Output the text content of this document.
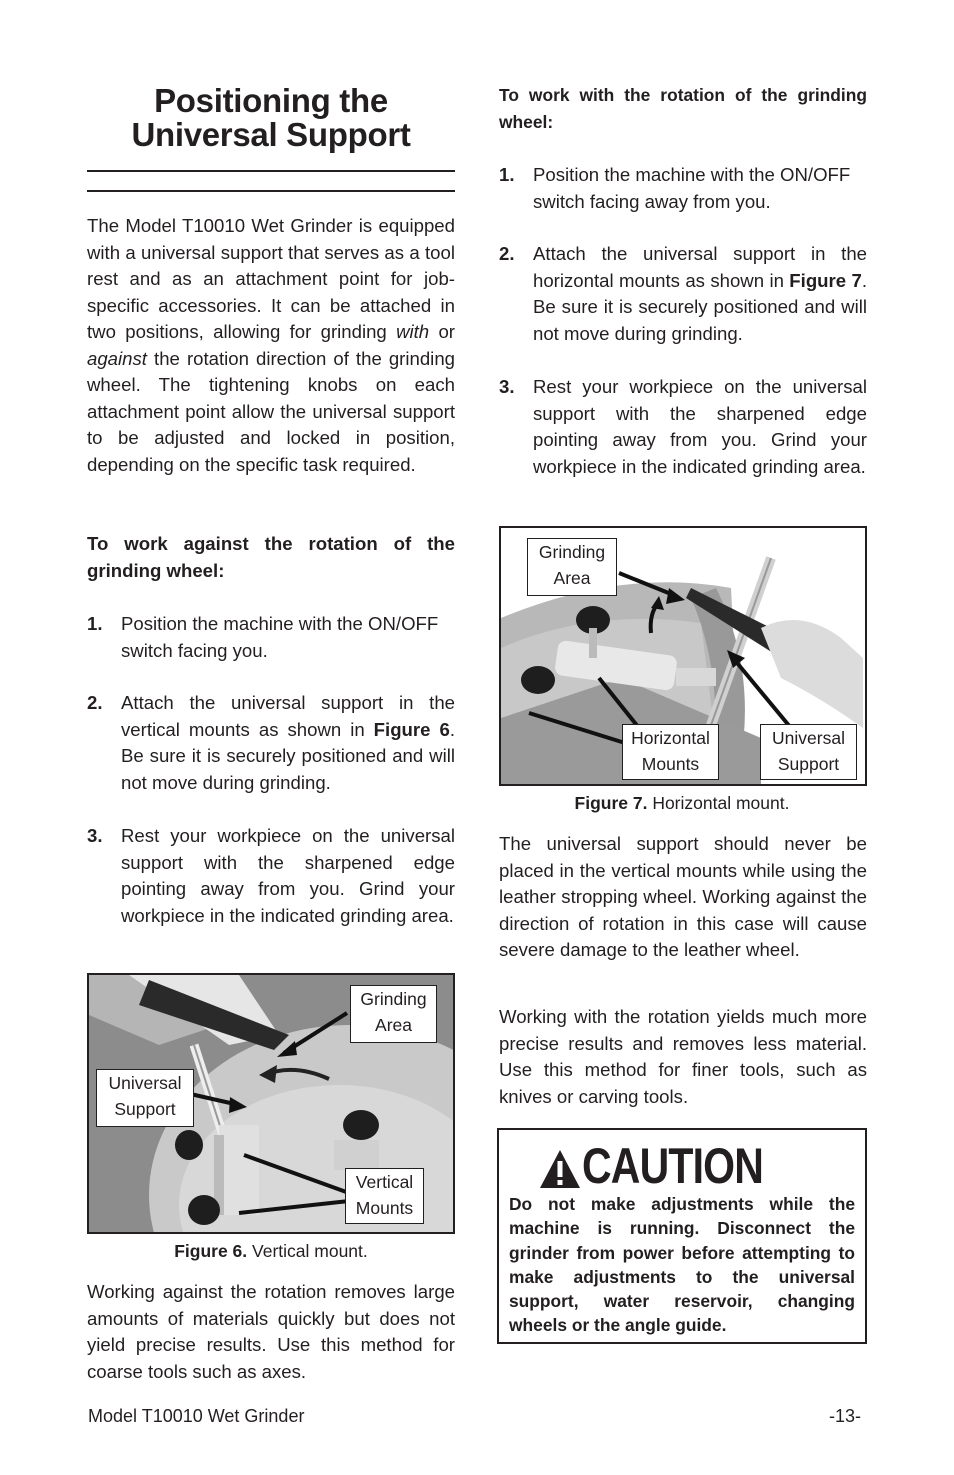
Positioning the Universal Support

The Model T10010 Wet Grinder is equipped with a universal support that serves as a tool rest and as an attachment point for job-specific accessories. It can be attached in two positions, allowing for grinding with or against the rotation direction of the grinding wheel. The tightening knobs on each attachment point allow the universal support to be adjusted and locked in position, depending on the specific task required.

To work against the rotation of the grinding wheel:

1. Position the machine with the ON/OFF switch facing you.
2. Attach the universal support in the vertical mounts as shown in Figure 6. Be sure it is securely positioned and will not move during grinding.
3. Rest your workpiece on the universal support with the sharpened edge pointing away from you. Grind your workpiece in the indicated grinding area.
Grinding Area
Universal Support
Vertical Mounts
Figure 6. Vertical mount.

Working against the rotation removes large amounts of materials quickly but does not yield precise results. Use this method for coarse tools such as axes.

To work with the rotation of the grinding wheel:

1. Position the machine with the ON/OFF switch facing away from you.
2. Attach the universal support in the horizontal mounts as shown in Figure 7. Be sure it is securely positioned and will not move during grinding.
3. Rest your workpiece on the universal support with the sharpened edge pointing away from you. Grind your workpiece in the indicated grinding area.
Grinding Area
Horizontal Mounts
Universal Support
Figure 7. Horizontal mount.

The universal support should never be placed in the vertical mounts while using the leather stropping wheel. Working against the direction of rotation in this case will cause severe damage to the leather wheel.

Working with the rotation yields much more precise results and removes less material. Use this method for finer tools, such as knives or carving tools.

CAUTION
Do not make adjustments while the machine is running. Disconnect the grinder from power before attempting to make adjustments to the universal support, water reservoir, changing wheels or the angle guide.
Model T10010 Wet Grinder	-13-
